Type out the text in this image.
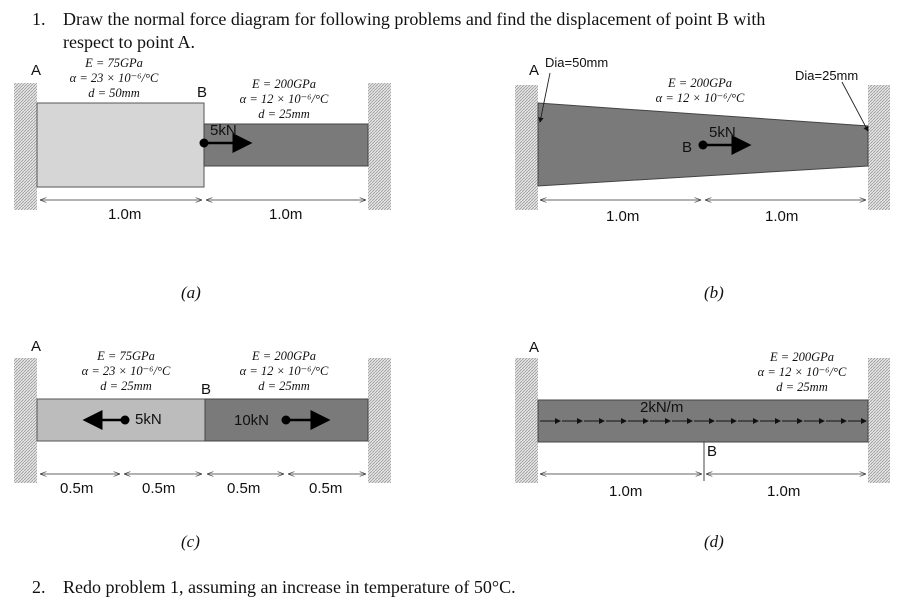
1. Draw the normal force diagram for following problems and find the displacement of point B with
respect to point A.
2. Redo problem 1, assuming an increase in temperature of 50°C.
A
B
E = 75GPa
α = 23 × 10⁻⁶/°C
d = 50mm
E = 200GPa
α = 12 × 10⁻⁶/°C
d = 25mm
5kN
1.0m	1.0m
(a)
A Dia=50mm
Dia=25mm
E = 200GPa
α = 12 × 10⁻⁶/°C
5kN
B
1.0m	1.0m
(b)
A
E = 75GPa
α = 23 × 10⁻⁶/°C
d = 25mm
E = 200GPa
α = 12 × 10⁻⁶/°C
d = 25mm
B
5kN	10kN
0.5m	0.5m	0.5m	0.5m
(c)
A
E = 200GPa
α = 12 × 10⁻⁶/°C
d = 25mm
2kN/m
B
1.0m	1.0m
(d)
